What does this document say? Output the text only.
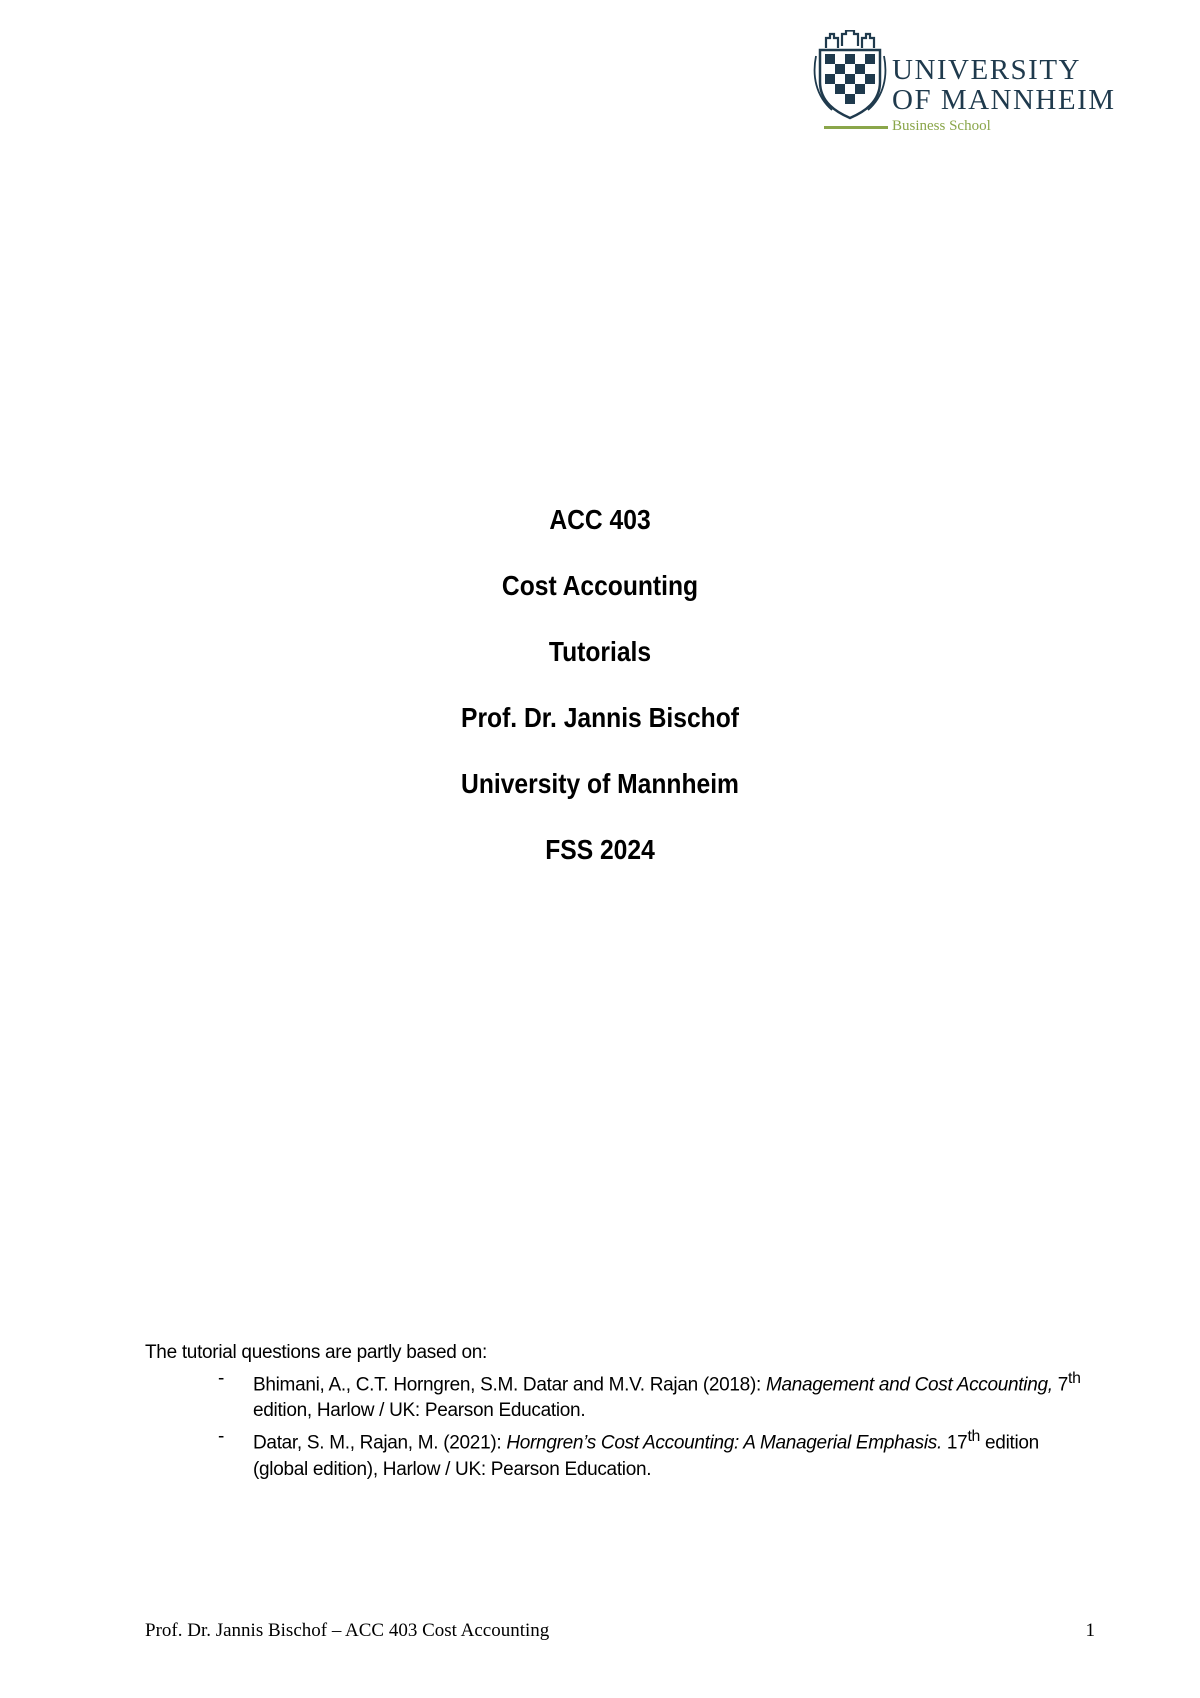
UNIVERSITY
OF MANNHEIM
Business School
ACC 403
Cost Accounting
Tutorials
Prof. Dr. Jannis Bischof
University of Mannheim
FSS 2024

The tutorial questions are partly based on:

- Bhimani, A., C.T. Horngren, S.M. Datar and M.V. Rajan (2018): Management and Cost Accounting, 7th edition, Harlow / UK: Pearson Education.
- Datar, S. M., Rajan, M. (2021): Horngren’s Cost Accounting: A Managerial Emphasis. 17th edition (global edition), Harlow / UK: Pearson Education.
Prof. Dr. Jannis Bischof – ACC 403 Cost Accounting	1
